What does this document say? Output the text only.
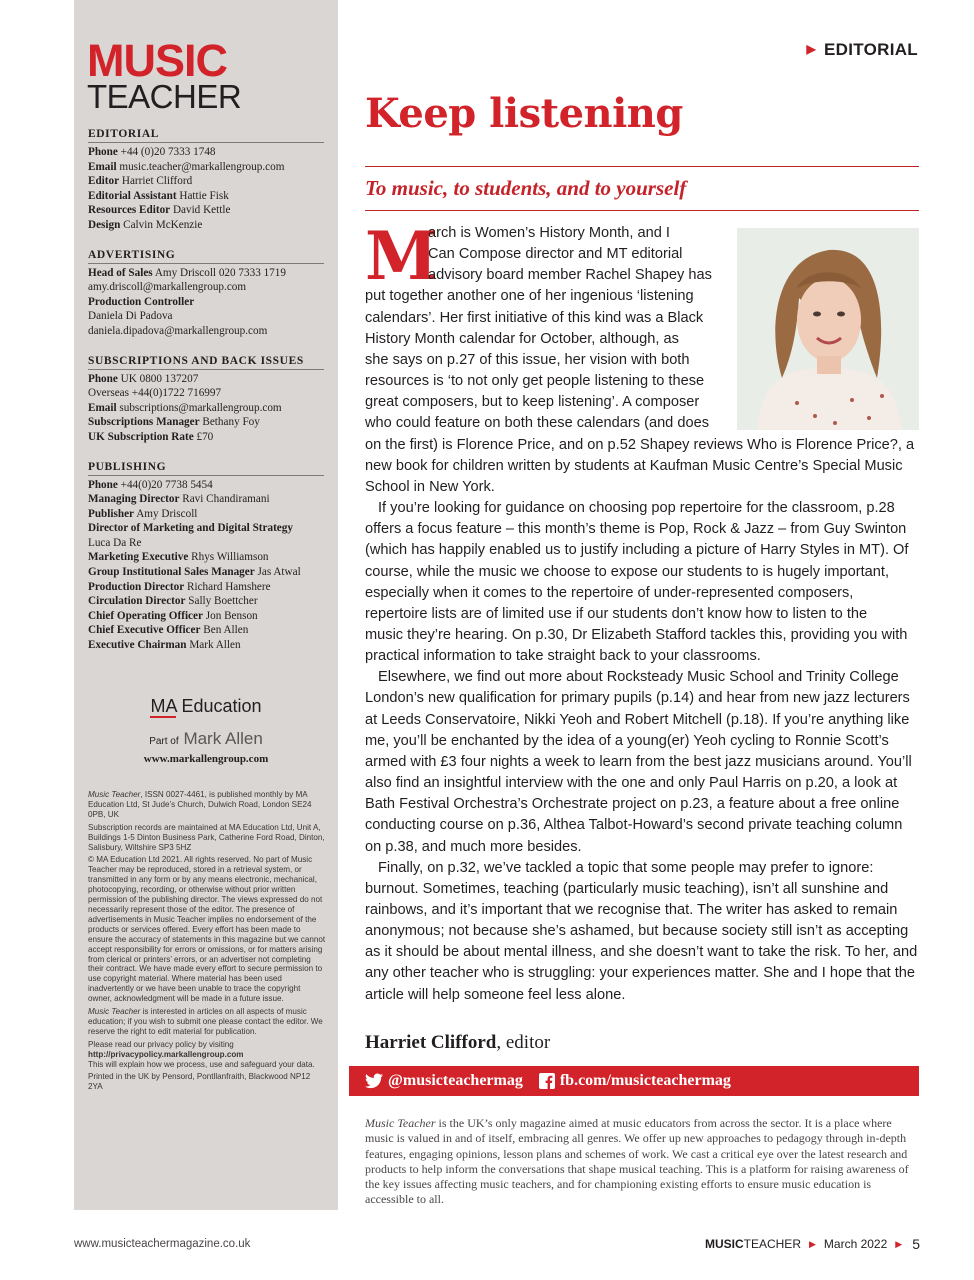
MUSIC
TEACHER
EDITORIAL
Phone +44 (0)20 7333 1748
Email music.teacher@markallengroup.com
Editor Harriet Clifford
Editorial Assistant Hattie Fisk
Resources Editor David Kettle
Design Calvin McKenzie
ADVERTISING
Head of Sales Amy Driscoll 020 7333 1719
amy.driscoll@markallengroup.com
Production Controller
Daniela Di Padova
daniela.dipadova@markallengroup.com
SUBSCRIPTIONS AND BACK ISSUES
Phone UK 0800 137207
Overseas +44(0)1722 716997
Email subscriptions@markallengroup.com
Subscriptions Manager Bethany Foy
UK Subscription Rate £70
PUBLISHING
Phone +44(0)20 7738 5454
Managing Director Ravi Chandiramani
Publisher Amy Driscoll
Director of Marketing and Digital Strategy
Luca Da Re
Marketing Executive Rhys Williamson
Group Institutional Sales Manager Jas Atwal
Production Director Richard Hamshere
Circulation Director Sally Boettcher
Chief Operating Officer Jon Benson
Chief Executive Officer Ben Allen
Executive Chairman Mark Allen
MA Education
Part of Mark Allen
www.markallengroup.com

Music Teacher, ISSN 0027-4461, is published monthly by MA Education Ltd, St Jude’s Church, Dulwich Road, London SE24 0PB, UK

Subscription records are maintained at MA Education Ltd, Unit A, Buildings 1-5 Dinton Business Park, Catherine Ford Road, Dinton, Salisbury, Wiltshire SP3 5HZ

© MA Education Ltd 2021. All rights reserved. No part of Music Teacher may be reproduced, stored in a retrieval system, or transmitted in any form or by any means electronic, mechanical, photocopying, recording, or otherwise without prior written permission of the publishing director. The views expressed do not necessarily represent those of the editor. The presence of advertisements in Music Teacher implies no endorsement of the products or services offered. Every effort has been made to ensure the accuracy of statements in this magazine but we cannot accept responsibility for errors or omissions, or for matters arising from clerical or printers’ errors, or an advertiser not completing their contract. We have made every effort to secure permission to use copyright material. Where material has been used inadvertently or we have been unable to trace the copyright owner, acknowledgment will be made in a future issue.

Music Teacher is interested in articles on all aspects of music education; if you wish to submit one please contact the editor. We reserve the right to edit material for publication.

Please read our privacy policy by visiting
http://privacypolicy.markallengroup.com
This will explain how we process, use and safeguard your data.

Printed in the UK by Pensord, Pontllanfraith, Blackwood NP12 2YA

▶ EDITORIAL
Keep listening
To music, to students, and to yourself
M
arch is Women’s History Month, and I
Can Compose director and MT editorial
advisory board member Rachel Shapey has
put together another one of her ingenious ‘listening
calendars’. Her first initiative of this kind was a Black
History Month calendar for October, although, as
she says on p.27 of this issue, her vision with both
resources is ‘to not only get people listening to these
great composers, but to keep listening’. A composer
who could feature on both these calendars (and does
on the first) is Florence Price, and on p.52 Shapey reviews Who is Florence Price?, a
new book for children written by students at Kaufman Music Centre’s Special Music
School in New York.
If you’re looking for guidance on choosing pop repertoire for the classroom, p.28
offers a focus feature – this month’s theme is Pop, Rock & Jazz – from Guy Swinton
(which has happily enabled us to justify including a picture of Harry Styles in MT). Of
course, while the music we choose to expose our students to is hugely important,
especially when it comes to the repertoire of under-represented composers,
repertoire lists are of limited use if our students don’t know how to listen to the
music they’re hearing. On p.30, Dr Elizabeth Stafford tackles this, providing you with
practical information to take straight back to your classrooms.
Elsewhere, we find out more about Rocksteady Music School and Trinity College
London’s new qualification for primary pupils (p.14) and hear from new jazz lecturers
at Leeds Conservatoire, Nikki Yeoh and Robert Mitchell (p.18). If you’re anything like
me, you’ll be enchanted by the idea of a young(er) Yeoh cycling to Ronnie Scott’s
armed with £3 four nights a week to learn from the best jazz musicians around. You’ll
also find an insightful interview with the one and only Paul Harris on p.20, a look at
Bath Festival Orchestra’s Orchestrate project on p.23, a feature about a free online
conducting course on p.36, Althea Talbot-Howard’s second private teaching column
on p.38, and much more besides.
Finally, on p.32, we’ve tackled a topic that some people may prefer to ignore:
burnout. Sometimes, teaching (particularly music teaching), isn’t all sunshine and
rainbows, and it’s important that we recognise that. The writer has asked to remain
anonymous; not because she’s ashamed, but because society still isn’t as accepting
as it should be about mental illness, and she doesn’t want to take the risk. To her, and
any other teacher who is struggling: your experiences matter. She and I hope that the
article will help someone feel less alone.
Harriet Clifford, editor
@musicteachermag fb.com/musicteachermag

Music Teacher is the UK’s only magazine aimed at music educators from across the sector. It is a place where music is valued in and of itself, embracing all genres. We offer up new approaches to pedagogy through in-depth features, engaging opinions, lesson plans and schemes of work. We cast a critical eye over the latest research and products to help inform the conversations that shape musical teaching. This is a platform for raising awareness of the key issues affecting music teachers, and for championing existing efforts to ensure music education is accessible to all.

www.musicteachermagazine.co.uk	MUSIC TEACHER ▶ March 2022 ▶ 5
